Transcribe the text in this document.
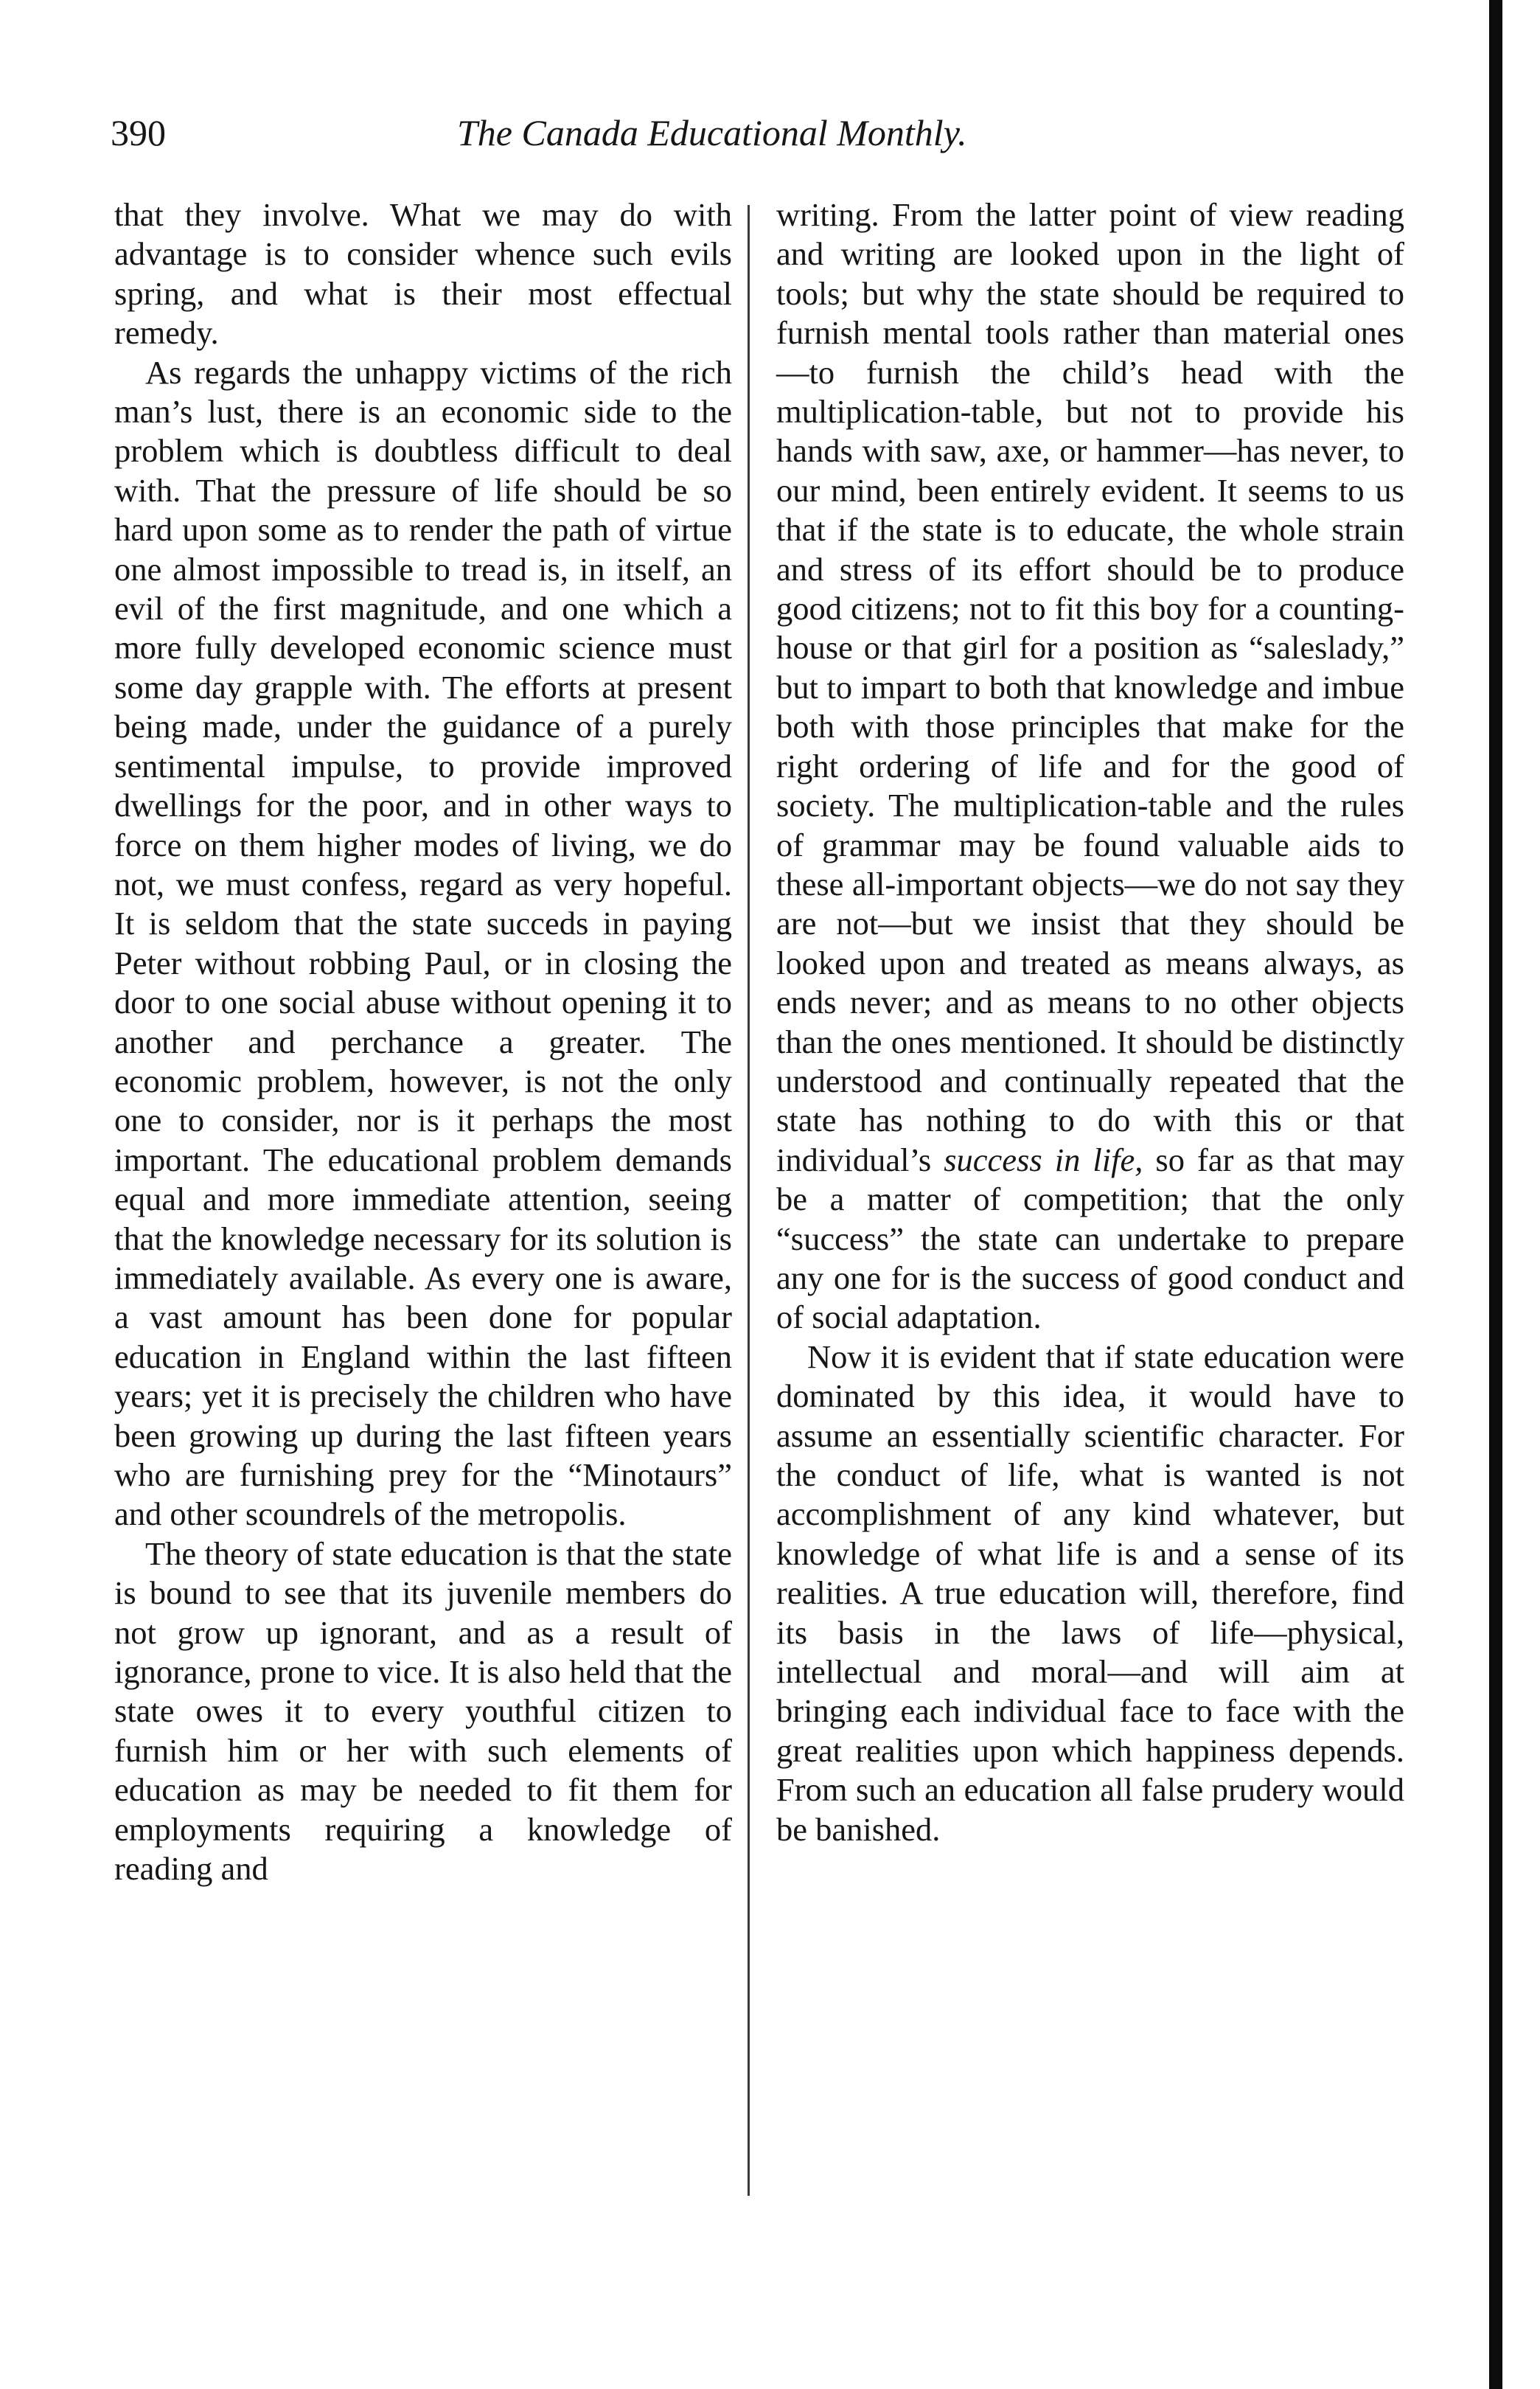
390	The Canada Educational Monthly.

that they involve. What we may do with advantage is to consider whence such evils spring, and what is their most effectual remedy.

As regards the unhappy victims of the rich man’s lust, there is an economic side to the problem which is doubtless difficult to deal with. That the pressure of life should be so hard upon some as to render the path of virtue one almost impossible to tread is, in itself, an evil of the first magnitude, and one which a more fully developed economic science must some day grapple with. The efforts at present being made, under the guidance of a purely sentimental impulse, to provide improved dwellings for the poor, and in other ways to force on them higher modes of living, we do not, we must confess, regard as very hopeful. It is seldom that the state succeds in paying Peter without robbing Paul, or in closing the door to one social abuse without opening it to another and perchance a greater. The economic problem, however, is not the only one to consider, nor is it perhaps the most important. The educational problem demands equal and more immediate attention, seeing that the knowledge necessary for its solution is immediately available. As every one is aware, a vast amount has been done for popular education in England within the last fifteen years; yet it is precisely the children who have been growing up during the last fifteen years who are furnishing prey for the “Minotaurs” and other scoundrels of the metropolis.

The theory of state education is that the state is bound to see that its juvenile members do not grow up ignorant, and as a result of ignorance, prone to vice. It is also held that the state owes it to every youthful citizen to furnish him or her with such elements of education as may be needed to fit them for employments requiring a knowledge of reading and

writing. From the latter point of view reading and writing are looked upon in the light of tools; but why the state should be required to furnish mental tools rather than material ones—to furnish the child’s head with the multiplication-table, but not to provide his hands with saw, axe, or hammer—has never, to our mind, been entirely evident. It seems to us that if the state is to educate, the whole strain and stress of its effort should be to produce good citizens; not to fit this boy for a counting-house or that girl for a position as “saleslady,” but to impart to both that knowledge and imbue both with those principles that make for the right ordering of life and for the good of society. The multiplication-table and the rules of grammar may be found valuable aids to these all-important objects—we do not say they are not—but we insist that they should be looked upon and treated as means always, as ends never; and as means to no other objects than the ones mentioned. It should be distinctly understood and continually repeated that the state has nothing to do with this or that individual’s success in life, so far as that may be a matter of competition; that the only “success” the state can undertake to prepare any one for is the success of good conduct and of social adaptation.

Now it is evident that if state education were dominated by this idea, it would have to assume an essentially scientific character. For the conduct of life, what is wanted is not accomplishment of any kind whatever, but knowledge of what life is and a sense of its realities. A true education will, therefore, find its basis in the laws of life—physical, intellectual and moral—and will aim at bringing each individual face to face with the great realities upon which happiness depends. From such an education all false prudery would be banished.
